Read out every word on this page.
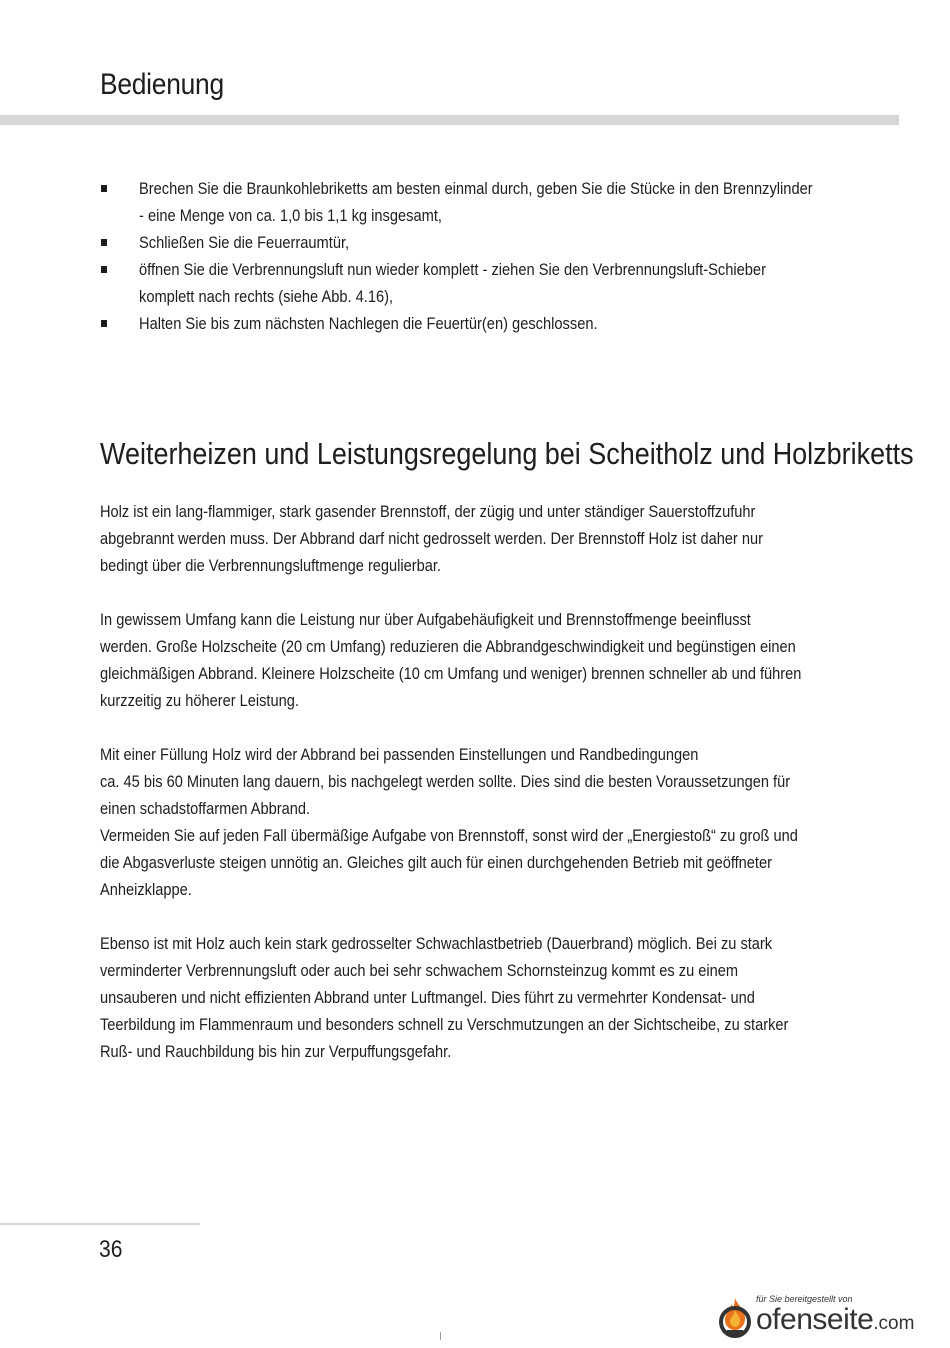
Bedienung
Brechen Sie die Braunkohlebriketts am besten einmal durch, geben Sie die Stücke in den Brennzylinder
- eine Menge von ca. 1,0 bis 1,1 kg insgesamt,
Schließen Sie die Feuerraumtür,
öffnen Sie die Verbrennungsluft nun wieder komplett - ziehen Sie den Verbrennungsluft-Schieber
komplett nach rechts (siehe Abb. 4.16),
Halten Sie bis zum nächsten Nachlegen die Feuertür(en) geschlossen.
Weiterheizen und Leistungsregelung bei Scheitholz und Holzbriketts

Holz ist ein lang-flammiger, stark gasender Brennstoff, der zügig und unter ständiger Sauerstoffzufuhr
abgebrannt werden muss. Der Abbrand darf nicht gedrosselt werden. Der Brennstoff Holz ist daher nur
bedingt über die Verbrennungsluftmenge regulierbar.

In gewissem Umfang kann die Leistung nur über Aufgabehäufigkeit und Brennstoffmenge beeinflusst
werden. Große Holzscheite (20 cm Umfang) reduzieren die Abbrandgeschwindigkeit und begünstigen einen
gleichmäßigen Abbrand. Kleinere Holzscheite (10 cm Umfang und weniger) brennen schneller ab und führen
kurzzeitig zu höherer Leistung.

Mit einer Füllung Holz wird der Abbrand bei passenden Einstellungen und Randbedingungen
ca. 45 bis 60 Minuten lang dauern, bis nachgelegt werden sollte. Dies sind die besten Voraussetzungen für
einen schadstoffarmen Abbrand.

Vermeiden Sie auf jeden Fall übermäßige Aufgabe von Brennstoff, sonst wird der „Energiestoß“ zu groß und
die Abgasverluste steigen unnötig an. Gleiches gilt auch für einen durchgehenden Betrieb mit geöffneter
Anheizklappe.

Ebenso ist mit Holz auch kein stark gedrosselter Schwachlastbetrieb (Dauerbrand) möglich. Bei zu stark
verminderter Verbrennungsluft oder auch bei sehr schwachem Schornsteinzug kommt es zu einem
unsauberen und nicht effizienten Abbrand unter Luftmangel. Dies führt zu vermehrter Kondensat- und
Teerbildung im Flammenraum und besonders schnell zu Verschmutzungen an der Sichtscheibe, zu starker
Ruß- und Rauchbildung bis hin zur Verpuffungsgefahr.

36
für Sie bereitgestellt von
ofenseite.com
